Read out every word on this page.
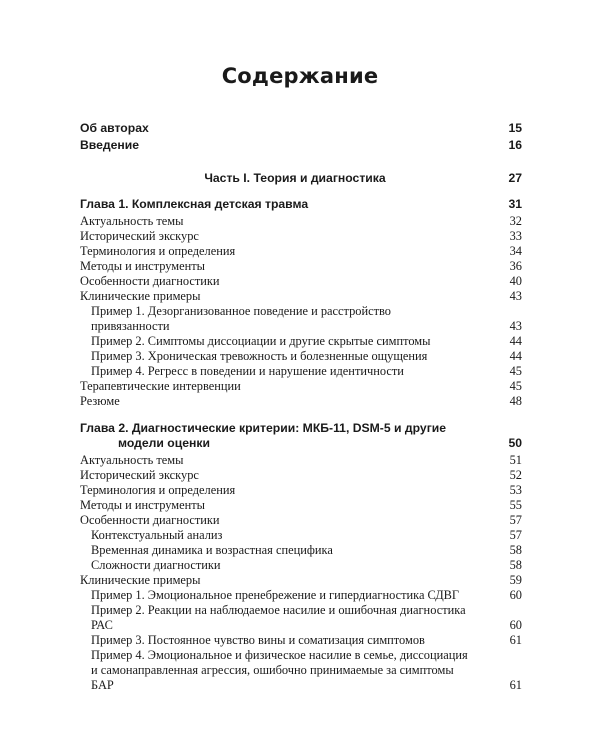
Содержание
Об авторах	15
Введение	16
Часть I. Теория и диагностика	27
Глава 1. Комплексная детская травма	31
Актуальность темы	32
Исторический экскурс	33
Терминология и определения	34
Методы и инструменты	36
Особенности диагностики	40
Клинические примеры	43
Пример 1. Дезорганизованное поведение и расстройство привязанности	43
Пример 2. Симптомы диссоциации и другие скрытые симптомы	44
Пример 3. Хроническая тревожность и болезненные ощущения	44
Пример 4. Регресс в поведении и нарушение идентичности	45
Терапевтические интервенции	45
Резюме	48
Глава 2. Диагностические критерии: МКБ-11, DSM-5 и другие
модели оценки	50
Актуальность темы	51
Исторический экскурс	52
Терминология и определения	53
Методы и инструменты	55
Особенности диагностики	57
Контекстуальный анализ	57
Временная динамика и возрастная специфика	58
Сложности диагностики	58
Клинические примеры	59
Пример 1. Эмоциональное пренебрежение и гипердиагностика СДВГ	60
Пример 2. Реакции на наблюдаемое насилие и ошибочная диагностика РАС	60
Пример 3. Постоянное чувство вины и соматизация симптомов	61
Пример 4. Эмоциональное и физическое насилие в семье, диссоциация и самонаправленная агрессия, ошибочно принимаемые за симптомы БАР	61
